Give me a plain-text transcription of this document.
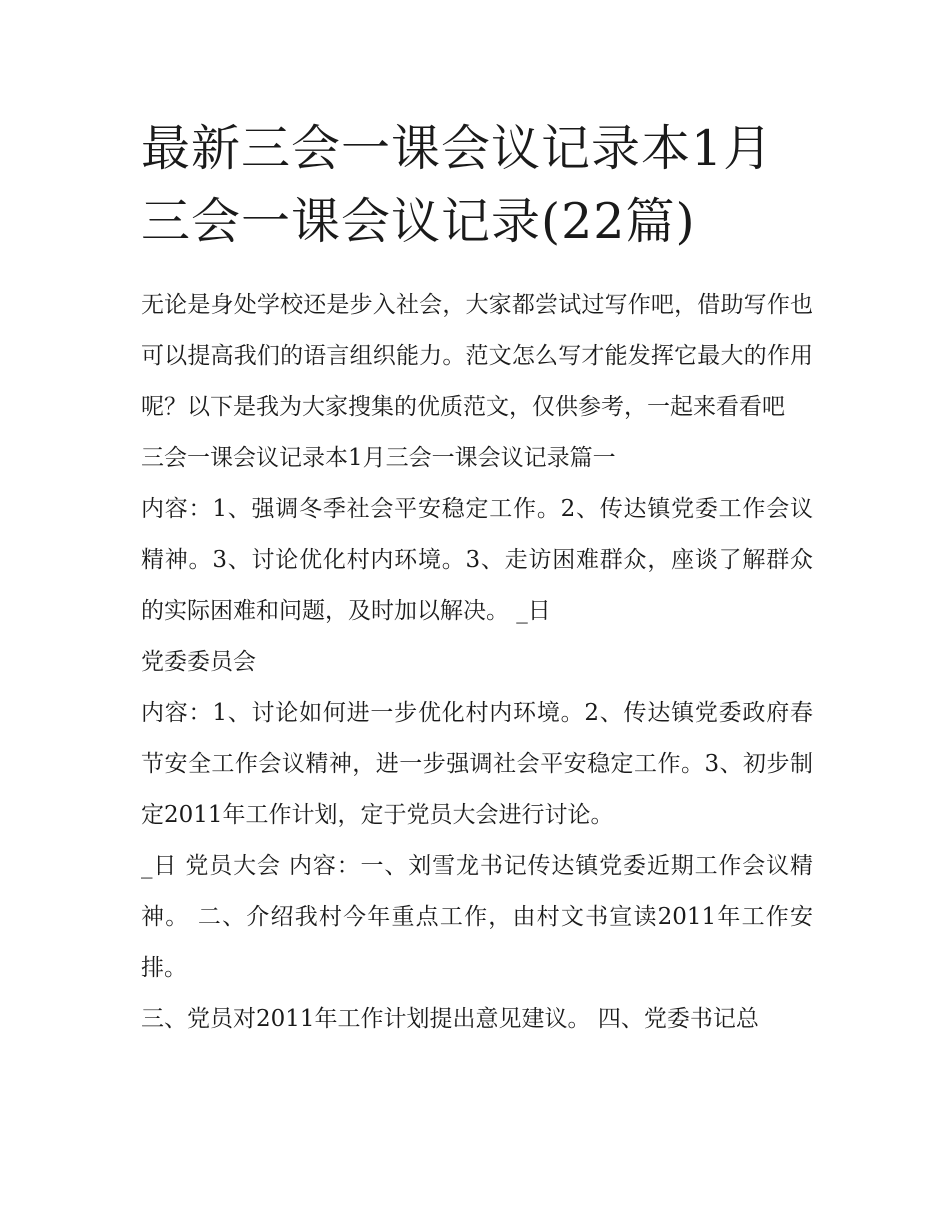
最新三会一课会议记录本1月三会一课会议记录(22篇)

无论是身处学校还是步入社会，大家都尝试过写作吧，借助写作也可以提高我们的语言组织能力。范文怎么写才能发挥它最大的作用呢？以下是我为大家搜集的优质范文，仅供参考，一起来看看吧

三会一课会议记录本1月三会一课会议记录篇一

内容：1、强调冬季社会平安稳定工作。2、传达镇党委工作会议精神。3、讨论优化村内环境。3、走访困难群众，座谈了解群众的实际困难和问题，及时加以解决。 _日

党委委员会

内容：1、讨论如何进一步优化村内环境。2、传达镇党委政府春节安全工作会议精神，进一步强调社会平安稳定工作。3、初步制定2011年工作计划，定于党员大会进行讨论。

_日 党员大会 内容：一、刘雪龙书记传达镇党委近期工作会议精神。 二、介绍我村今年重点工作，由村文书宣读2011年工作安排。

三、党员对2011年工作计划提出意见建议。 四、党委书记总
